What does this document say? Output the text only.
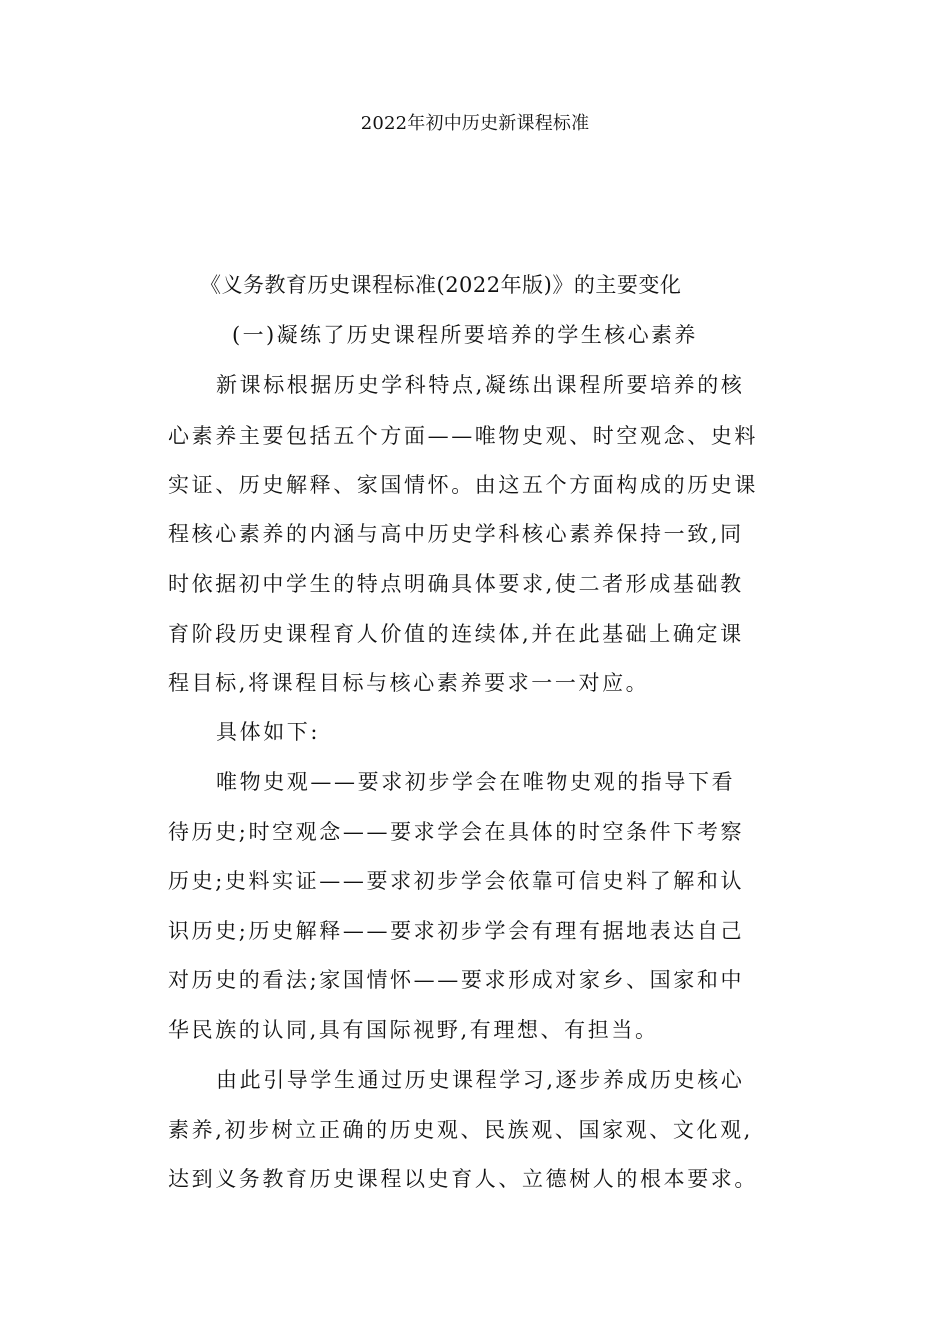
2022年初中历史新课程标准
《义务教育历史课程标准(2022年版)》的主要变化
(一)凝练了历史课程所要培养的学生核心素养
新课标根据历史学科特点,凝练出课程所要培养的核
心素养主要包括五个方面——唯物史观、时空观念、史料
实证、历史解释、家国情怀。由这五个方面构成的历史课
程核心素养的内涵与高中历史学科核心素养保持一致,同
时依据初中学生的特点明确具体要求,使二者形成基础教
育阶段历史课程育人价值的连续体,并在此基础上确定课
程目标,将课程目标与核心素养要求一一对应。
具体如下:
唯物史观——要求初步学会在唯物史观的指导下看
待历史;时空观念——要求学会在具体的时空条件下考察
历史;史料实证——要求初步学会依靠可信史料了解和认
识历史;历史解释——要求初步学会有理有据地表达自己
对历史的看法;家国情怀——要求形成对家乡、国家和中
华民族的认同,具有国际视野,有理想、有担当。
由此引导学生通过历史课程学习,逐步养成历史核心
素养,初步树立正确的历史观、民族观、国家观、文化观,
达到义务教育历史课程以史育人、立德树人的根本要求。
